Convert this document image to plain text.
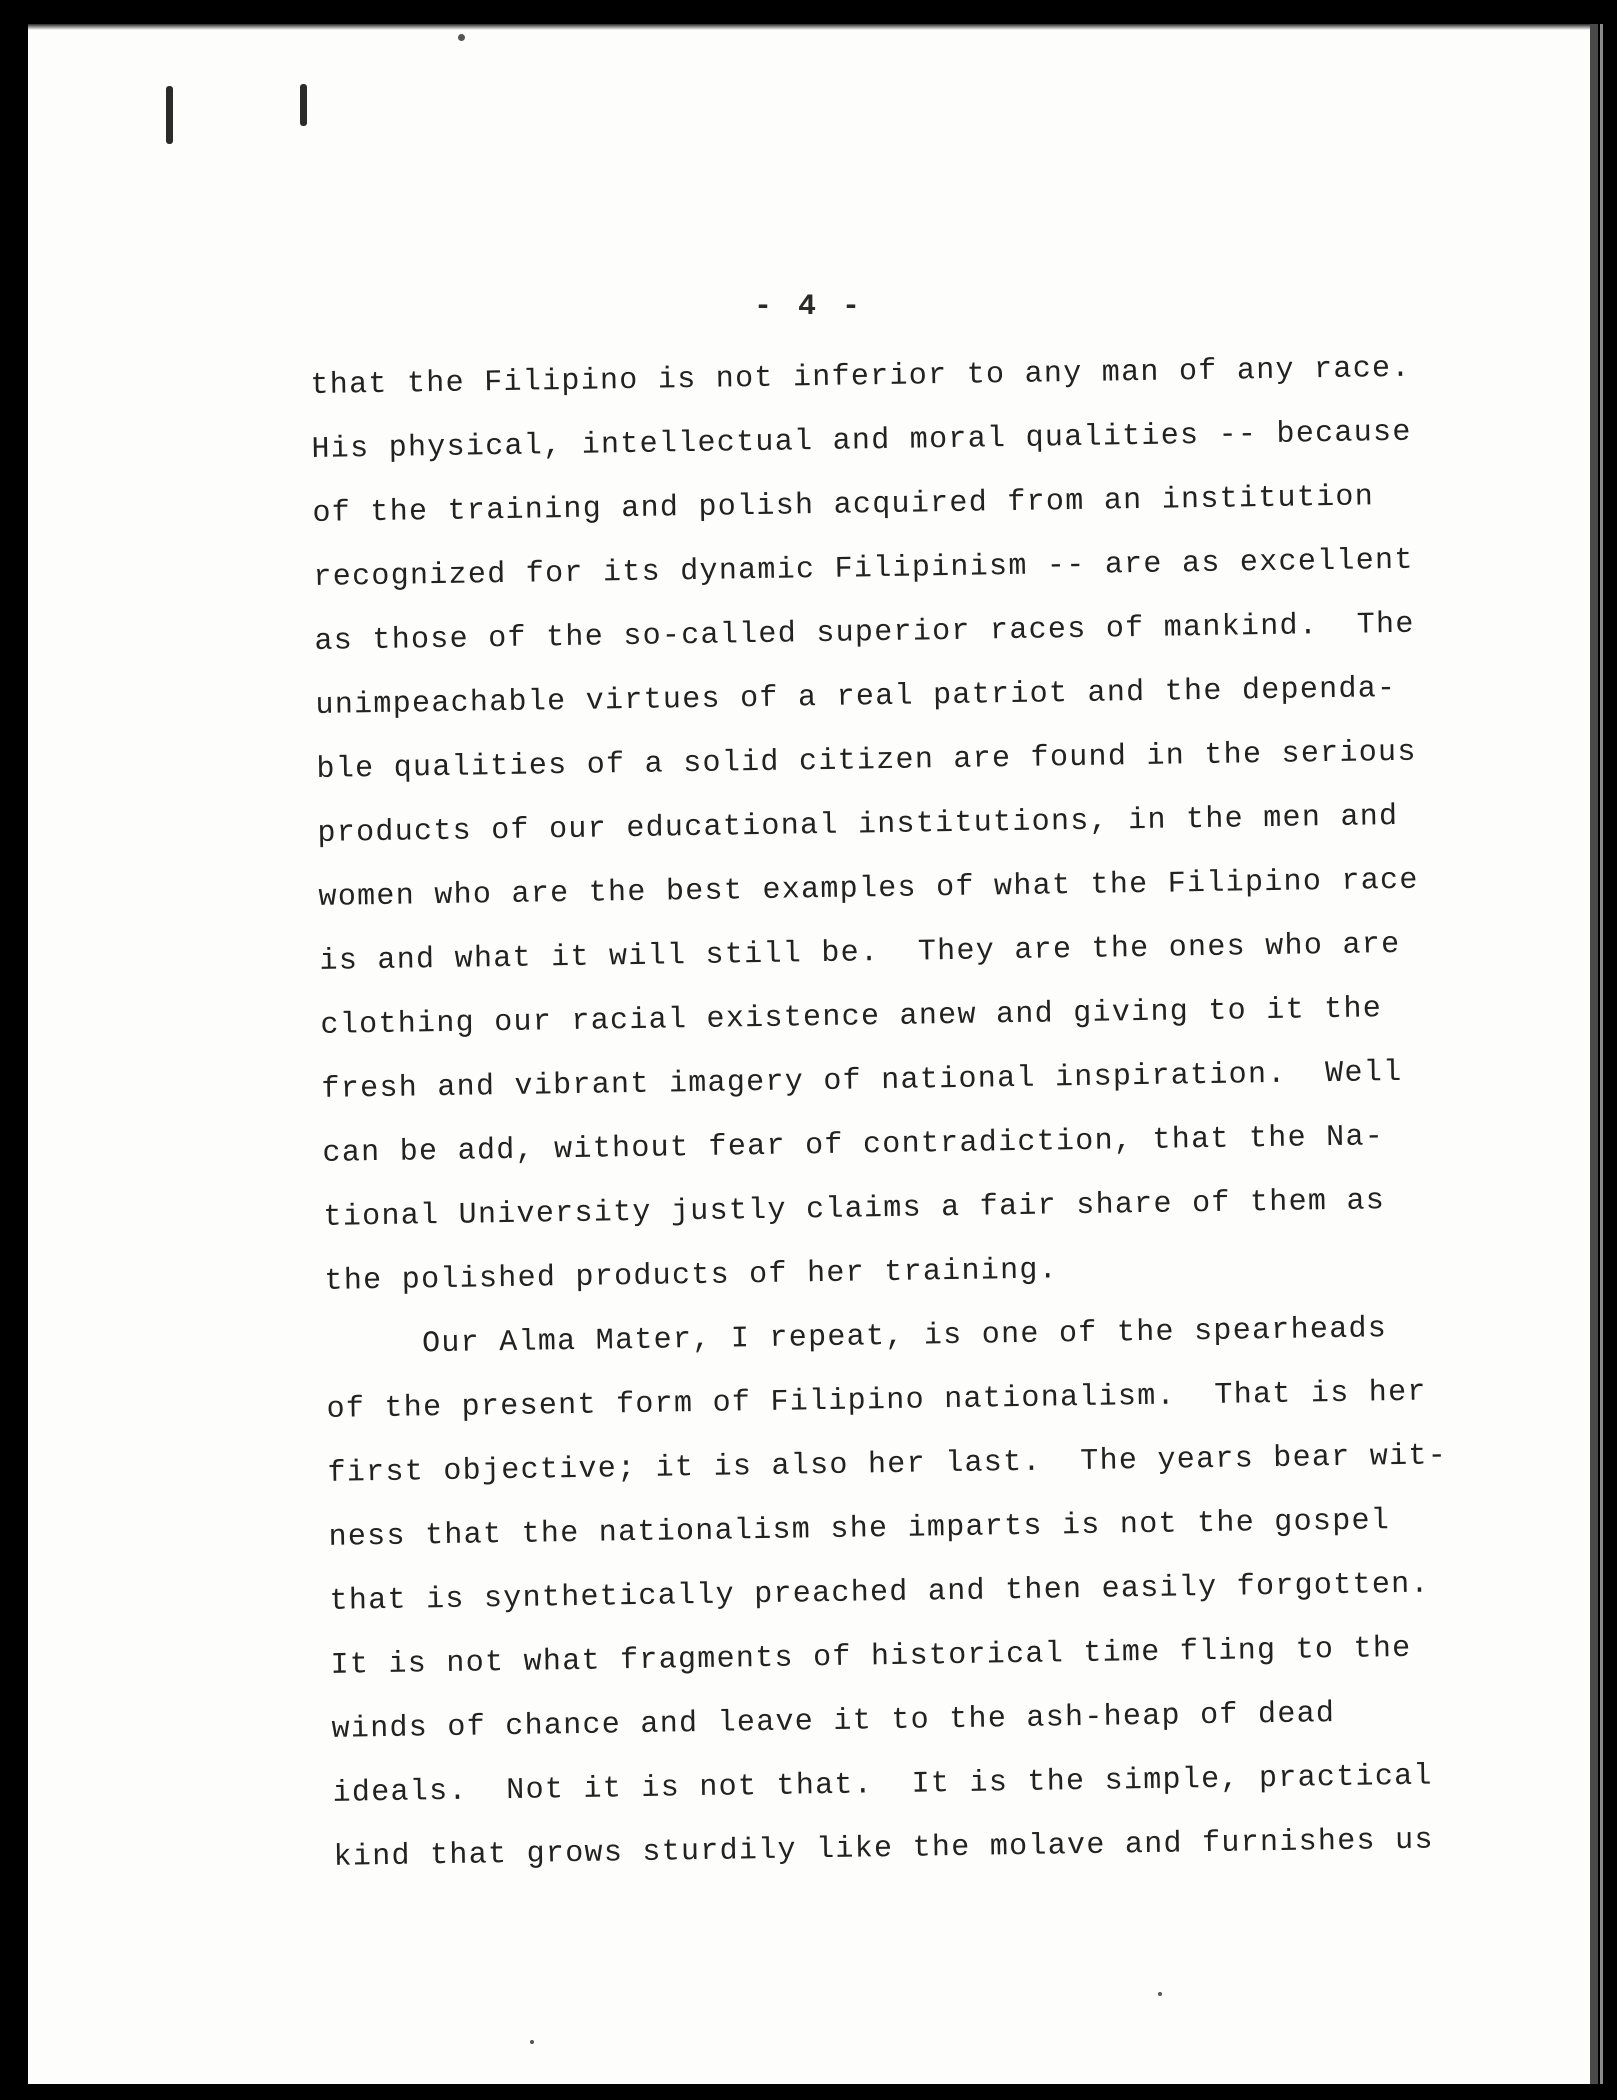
- 4 -
that the Filipino is not inferior to any man of any race.
His physical, intellectual and moral qualities -- because
of the training and polish acquired from an institution
recognized for its dynamic Filipinism -- are as excellent
as those of the so-called superior races of mankind.  The
unimpeachable virtues of a real patriot and the dependa-
ble qualities of a solid citizen are found in the serious
products of our educational institutions, in the men and
women who are the best examples of what the Filipino race
is and what it will still be.  They are the ones who are
clothing our racial existence anew and giving to it the
fresh and vibrant imagery of national inspiration.  Well
can be add, without fear of contradiction, that the Na-
tional University justly claims a fair share of them as
the polished products of her training.
Our Alma Mater, I repeat, is one of the spearheads
of the present form of Filipino nationalism.  That is her
first objective; it is also her last.  The years bear wit-
ness that the nationalism she imparts is not the gospel
that is synthetically preached and then easily forgotten.
It is not what fragments of historical time fling to the
winds of chance and leave it to the ash-heap of dead
ideals.  Not it is not that.  It is the simple, practical
kind that grows sturdily like the molave and furnishes us
